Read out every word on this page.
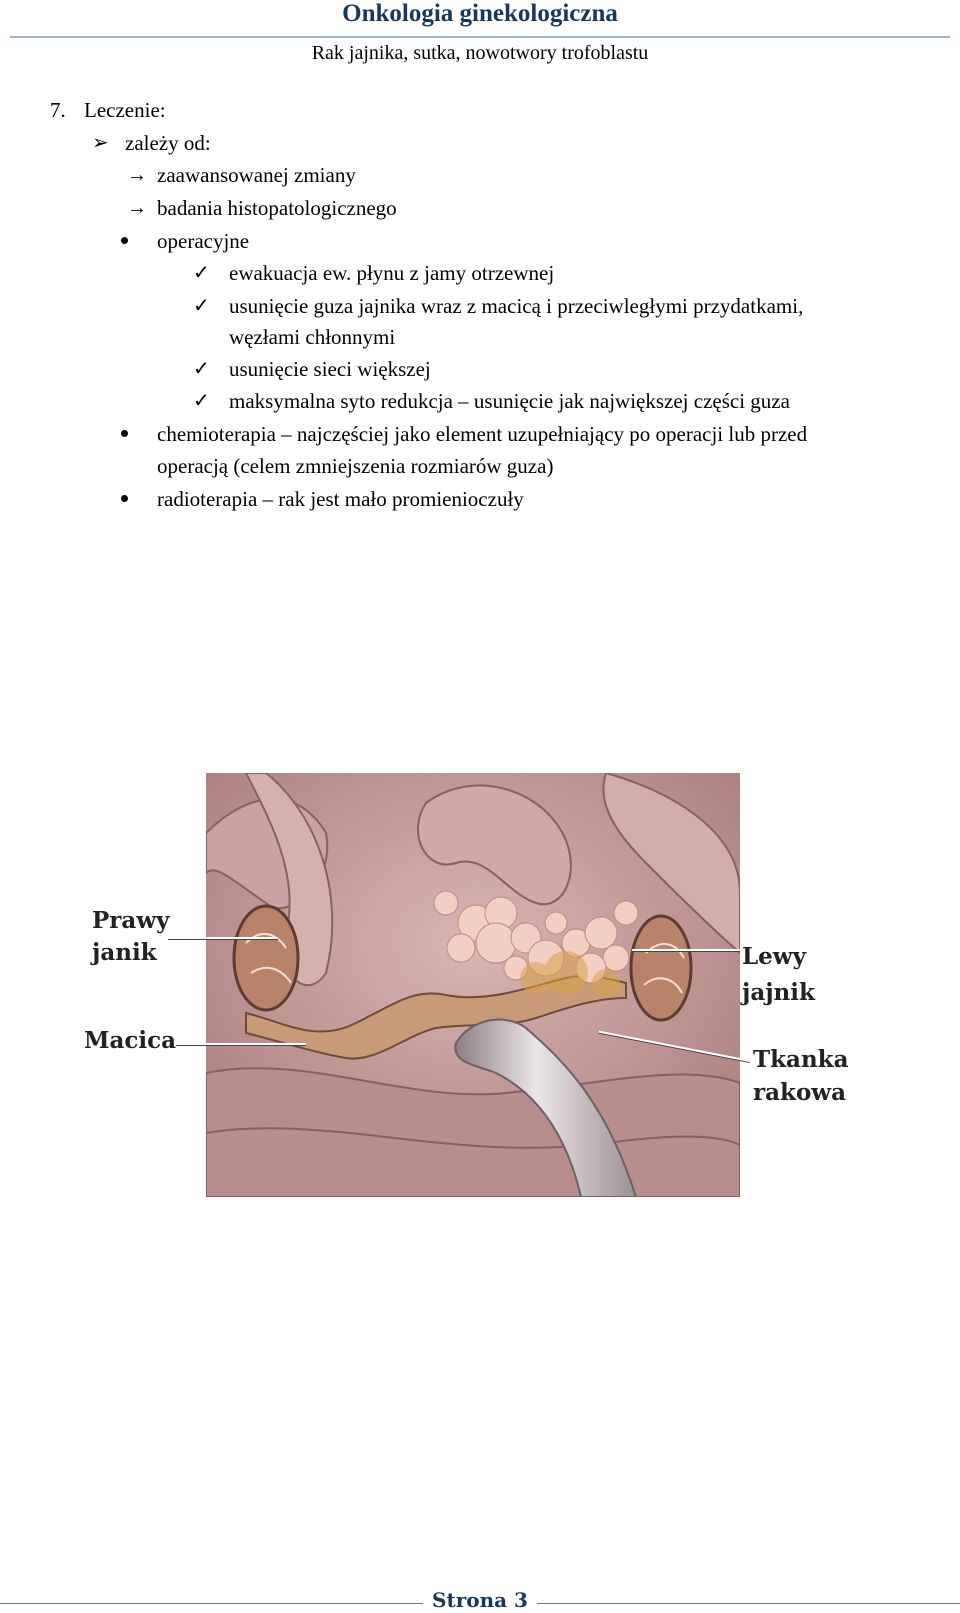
Onkologia ginekologiczna
Rak jajnika, sutka, nowotwory trofoblastu
7. Leczenie:
➢ zależy od:
→ zaawansowanej zmiany
→ badania histopatologicznego
operacyjne
✓ ewakuacja ew. płynu z jamy otrzewnej
✓ usunięcie guza jajnika wraz z macicą i przeciwległymi przydatkami,
węzłami chłonnymi
✓ usunięcie sieci większej
✓ maksymalna syto redukcja – usunięcie jak największej części guza
chemioterapia – najczęściej jako element uzupełniający po operacji lub przed
operacją (celem zmniejszenia rozmiarów guza)
radioterapia – rak jest mało promienioczuły
Prawy
janik
Macica
Lewy
jajnik
Tkanka
rakowa
Strona 3
